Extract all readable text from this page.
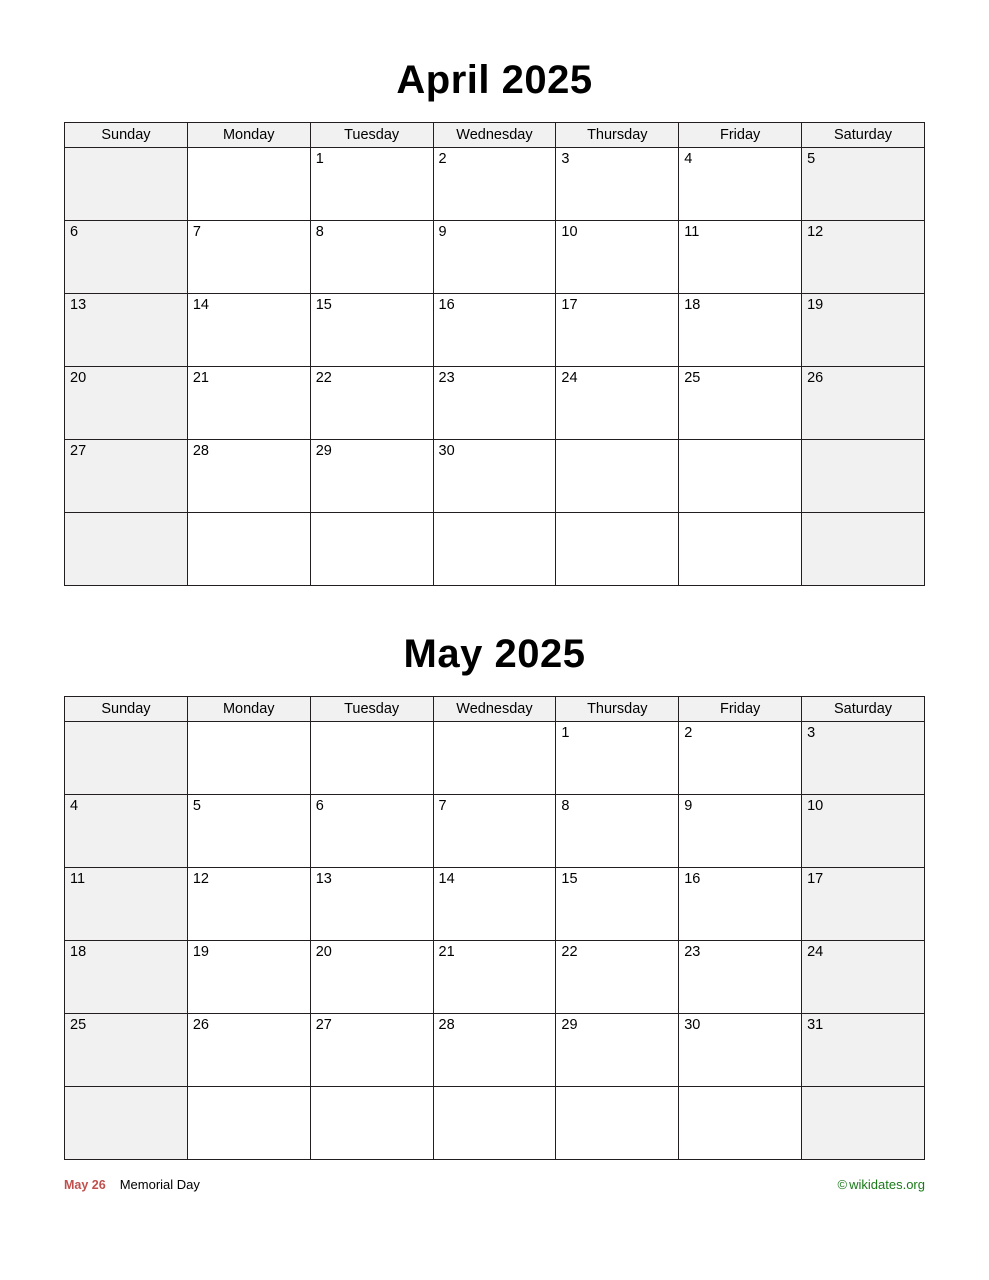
April 2025
Sunday	Monday	Tuesday	Wednesday	Thursday	Friday	Saturday

		1	2	3	4	5

6	7	8	9	10	11	12

13	14	15	16	17	18	19

20	21	22	23	24	25	26

27	28	29	30			

May 2025
Sunday	Monday	Tuesday	Wednesday	Thursday	Friday	Saturday

				1	2	3

4	5	6	7	8	9	10

11	12	13	14	15	16	17

18	19	20	21	22	23	24

25	26	27	28	29	30	31

May 26 Memorial Day	© wikidates.org
